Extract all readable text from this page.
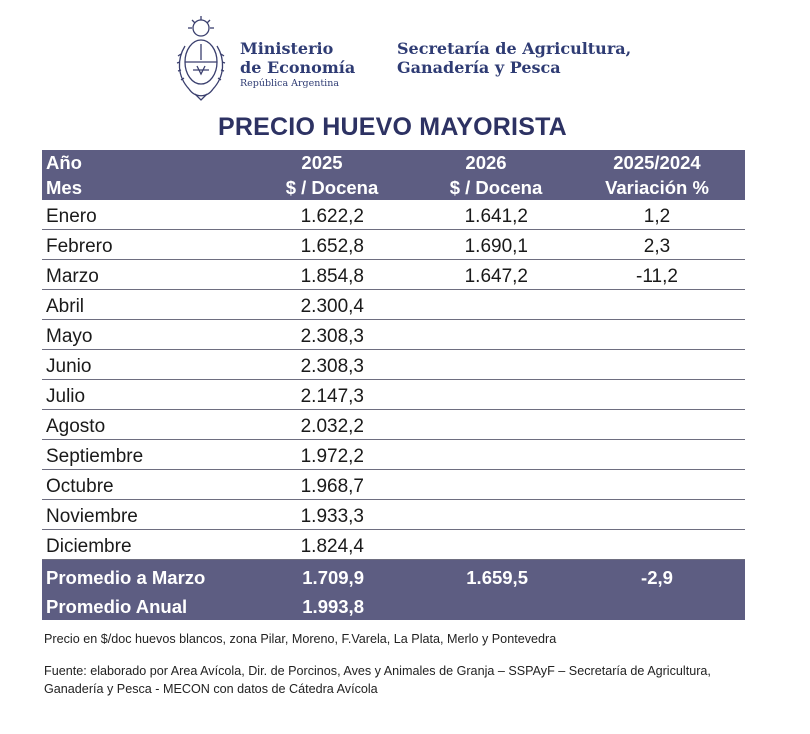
Ministerio
de Economía
República Argentina
Secretaría de Agricultura,
Ganadería y Pesca
PRECIO HUEVO MAYORISTA
Año	2025	2026	2025/2024
Mes	$ / Docena	$ / Docena	Variación %
Enero	1.622,2	1.641,2	1,2
Febrero	1.652,8	1.690,1	2,3
Marzo	1.854,8	1.647,2	-11,2
Abril	2.300,4
Mayo	2.308,3
Junio	2.308,3
Julio	2.147,3
Agosto	2.032,2
Septiembre	1.972,2
Octubre	1.968,7
Noviembre	1.933,3
Diciembre	1.824,4
Promedio a Marzo	1.709,9	1.659,5	-2,9
Promedio Anual	1.993,8

Precio en $/doc huevos blancos, zona Pilar, Moreno, F.Varela, La Plata, Merlo y Pontevedra

Fuente: elaborado por Area Avícola, Dir. de Porcinos, Aves y Animales de Granja – SSPAyF – Secretaría de Agricultura, Ganadería y Pesca - MECON con datos de Cátedra Avícola
